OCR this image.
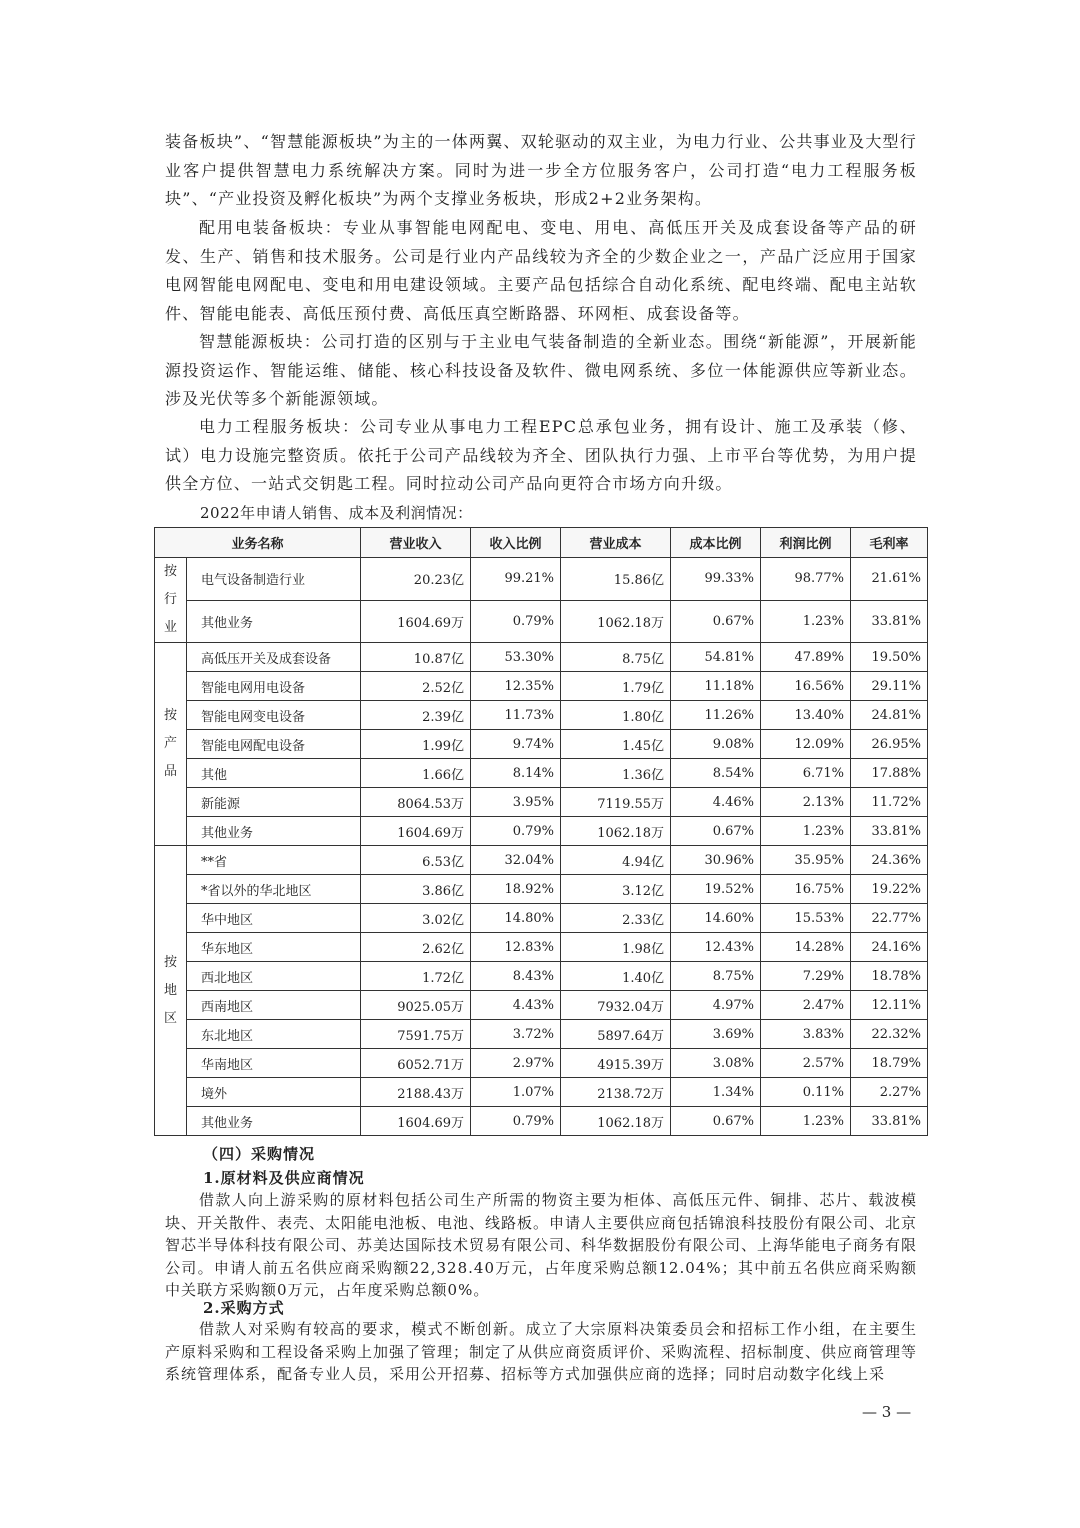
装备板块”、“智慧能源板块”为主的一体两翼、双轮驱动的双主业，为电力行业、公共事业及大型行业客户提供智慧电力系统解决方案。同时为进一步全方位服务客户，公司打造“电力工程服务板块”、“产业投资及孵化板块”为两个支撑业务板块，形成2+2业务架构。

配用电装备板块：专业从事智能电网配电、变电、用电、高低压开关及成套设备等产品的研发、生产、销售和技术服务。公司是行业内产品线较为齐全的少数企业之一，产品广泛应用于国家电网智能电网配电、变电和用电建设领域。主要产品包括综合自动化系统、配电终端、配电主站软件、智能电能表、高低压预付费、高低压真空断路器、环网柜、成套设备等。

智慧能源板块：公司打造的区别与于主业电气装备制造的全新业态。围绕“新能源”，开展新能源投资运作、智能运维、储能、核心科技设备及软件、微电网系统、多位一体能源供应等新业态。涉及光伏等多个新能源领域。

电力工程服务板块：公司专业从事电力工程EPC总承包业务，拥有设计、施工及承装（修、试）电力设施完整资质。依托于公司产品线较为齐全、团队执行力强、上市平台等优势，为用户提供全方位、一站式交钥匙工程。同时拉动公司产品向更符合市场方向升级。

2022年申请人销售、成本及利润情况：

业务名称		营业收入	收入比例	营业成本	成本比例	利润比例	毛利率

按
行
业	电气设备制造行业	20.23亿	99.21%	15.86亿	99.33%	98.77%	21.61%
	其他业务	1604.69万	0.79%	1062.18万	0.67%	1.23%	33.81%

按
产
品	高低压开关及成套设备	10.87亿	53.30%	8.75亿	54.81%	47.89%	19.50%
	智能电网用电设备	2.52亿	12.35%	1.79亿	11.18%	16.56%	29.11%
	智能电网变电设备	2.39亿	11.73%	1.80亿	11.26%	13.40%	24.81%
	智能电网配电设备	1.99亿	9.74%	1.45亿	9.08%	12.09%	26.95%
	其他	1.66亿	8.14%	1.36亿	8.54%	6.71%	17.88%
	新能源	8064.53万	3.95%	7119.55万	4.46%	2.13%	11.72%
	其他业务	1604.69万	0.79%	1062.18万	0.67%	1.23%	33.81%

按
地
区	**省	6.53亿	32.04%	4.94亿	30.96%	35.95%	24.36%
	*省以外的华北地区	3.86亿	18.92%	3.12亿	19.52%	16.75%	19.22%
	华中地区	3.02亿	14.80%	2.33亿	14.60%	15.53%	22.77%
	华东地区	2.62亿	12.83%	1.98亿	12.43%	14.28%	24.16%
	西北地区	1.72亿	8.43%	1.40亿	8.75%	7.29%	18.78%
	西南地区	9025.05万	4.43%	7932.04万	4.97%	2.47%	12.11%
	东北地区	7591.75万	3.72%	5897.64万	3.69%	3.83%	22.32%
	华南地区	6052.71万	2.97%	4915.39万	3.08%	2.57%	18.79%
	境外	2188.43万	1.07%	2138.72万	1.34%	0.11%	2.27%
	其他业务	1604.69万	0.79%	1062.18万	0.67%	1.23%	33.81%

（四）采购情况

1.原材料及供应商情况

借款人向上游采购的原材料包括公司生产所需的物资主要为柜体、高低压元件、铜排、芯片、载波模块、开关散件、表壳、太阳能电池板、电池、线路板。申请人主要供应商包括锦浪科技股份有限公司、北京智芯半导体科技有限公司、苏美达国际技术贸易有限公司、科华数据股份有限公司、上海华能电子商务有限公司。申请人前五名供应商采购额22,328.40万元，占年度采购总额12.04%；其中前五名供应商采购额中关联方采购额0万元，占年度采购总额0%。

2.采购方式

借款人对采购有较高的要求，模式不断创新。成立了大宗原料决策委员会和招标工作小组，在主要生产原料采购和工程设备采购上加强了管理；制定了从供应商资质评价、采购流程、招标制度、供应商管理等系统管理体系，配备专业人员，采用公开招募、招标等方式加强供应商的选择；同时启动数字化线上采

— 3 —
